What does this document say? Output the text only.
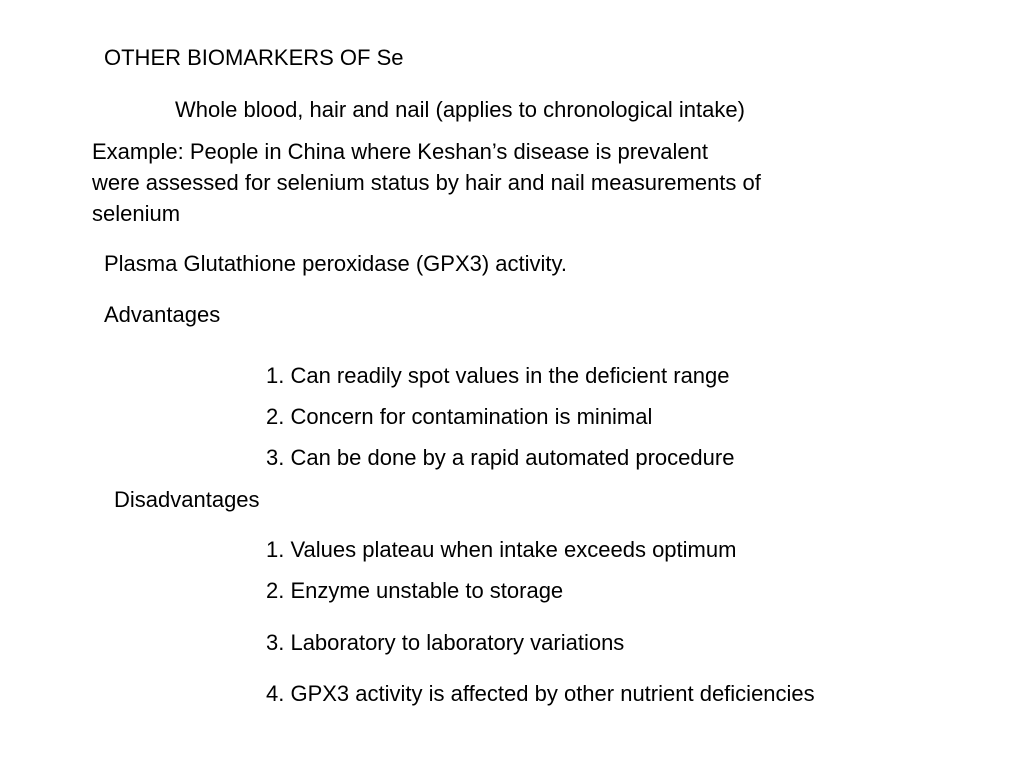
OTHER BIOMARKERS OF Se

Whole blood, hair and nail (applies to chronological intake)

Example: People in China where Keshan’s disease is prevalent
were assessed for selenium status by hair and nail measurements of
selenium

Plasma Glutathione peroxidase (GPX3) activity.

Advantages

1. Can readily spot values in the deficient range

2. Concern for contamination is minimal

3. Can be done by a rapid automated procedure

Disadvantages

1. Values plateau when intake exceeds optimum

2. Enzyme unstable to storage

3. Laboratory to laboratory variations

4. GPX3 activity is affected by other nutrient deficiencies
